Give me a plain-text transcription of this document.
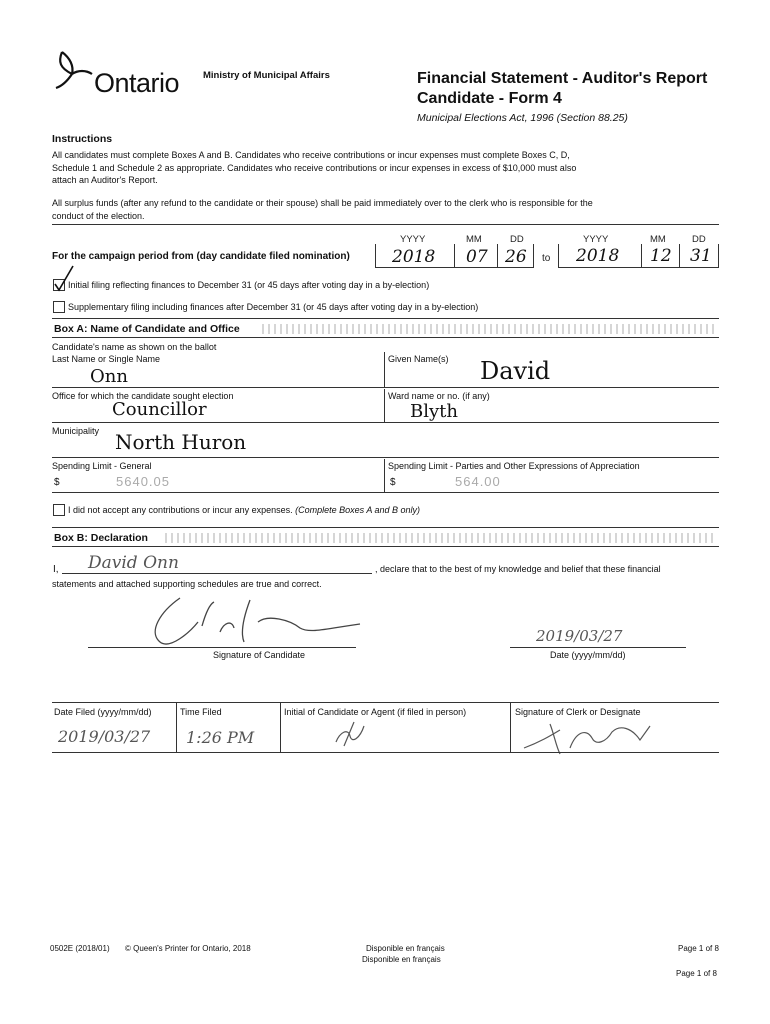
Ontario	Ministry of Municipal Affairs	Financial Statement - Auditor's Report
Candidate - Form 4
Municipal Elections Act, 1996 (Section 88.25)
Instructions
All candidates must complete Boxes A and B. Candidates who receive contributions or incur expenses must complete Boxes C, D,
Schedule 1 and Schedule 2 as appropriate. Candidates who receive contributions or incur expenses in excess of $10,000 must also
attach an Auditor's Report.
All surplus funds (after any refund to the candidate or their spouse) shall be paid immediately over to the clerk who is responsible for the
conduct of the election.
YYYY	MM	DD	YYYY	MM	DD
For the campaign period from (day candidate filed nomination) 2018 07 26 to 2018 12 31
Initial filing reflecting finances to December 31 (or 45 days after voting day in a by-election)
Supplementary filing including finances after December 31 (or 45 days after voting day in a by-election)
Box A: Name of Candidate and Office
Candidate's name as shown on the ballot
Last Name or Single Name
Onn
Given Name(s) David
Office for which the candidate sought election
Councillor
Ward name or no. (if any)
Blyth
Municipality North Huron
Spending Limit - General
$	5640.05
Spending Limit - Parties and Other Expressions of Appreciation
$	564.00
I did not accept any contributions or incur any expenses. (Complete Boxes A and B only)
Box B: Declaration
I, David Onn	, declare that to the best of my knowledge and belief that these financial
statements and attached supporting schedules are true and correct.
Signature of Candidate
2019/03/27
Date (yyyy/mm/dd)
Date Filed (yyyy/mm/dd)
2019/03/27
Time Filed
1:26 PM
Initial of Candidate or Agent (if filed in person)	Signature of Clerk or Designate
0502E (2018/01) © Queen's Printer for Ontario, 2018	Disponible en français
Disponible en français
Page 1 of 8
Page 1 of 8
